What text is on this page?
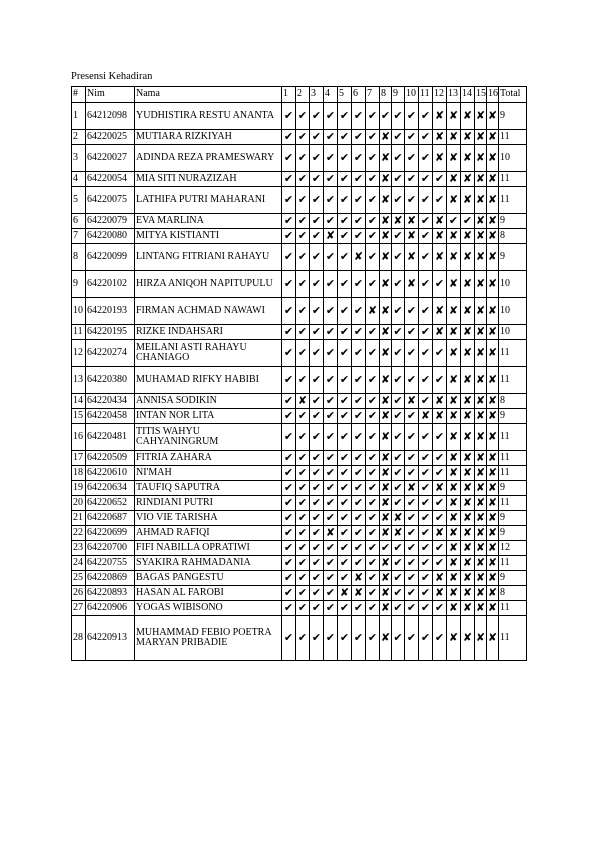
Presensi Kehadiran
#	Nim	Nama	1	2	3	4	5	6	7	8	9	10	11	12	13	14	15	16	Total
1	64212098	YUDHISTIRA RESTU ANANTA	✔	✔	✔	✔	✔	✔	✔	✔	✔	✔	✔	✘	✘	✘	✘	✘	9
2	64220025	MUTIARA RIZKIYAH	✔	✔	✔	✔	✔	✔	✔	✘	✔	✔	✔	✘	✘	✘	✘	✘	11
3	64220027	ADINDA REZA PRAMESWARY	✔	✔	✔	✔	✔	✔	✔	✘	✔	✔	✔	✘	✘	✘	✘	✘	10
4	64220054	MIA SITI NURAZIZAH	✔	✔	✔	✔	✔	✔	✔	✘	✔	✔	✔	✔	✘	✘	✘	✘	11
5	64220075	LATHIFA PUTRI MAHARANI	✔	✔	✔	✔	✔	✔	✔	✘	✔	✔	✔	✔	✘	✘	✘	✘	11
6	64220079	EVA MARLINA	✔	✔	✔	✔	✔	✔	✔	✘	✘	✘	✔	✘	✔	✔	✘	✘	9
7	64220080	MITYA KISTIANTI	✔	✔	✔	✘	✔	✔	✔	✘	✔	✘	✔	✘	✘	✘	✘	✘	8
8	64220099	LINTANG FITRIANI RAHAYU	✔	✔	✔	✔	✔	✘	✔	✘	✔	✘	✔	✘	✘	✘	✘	✘	9
9	64220102	HIRZA ANIQOH NAPITUPULU	✔	✔	✔	✔	✔	✔	✔	✘	✔	✘	✔	✔	✘	✘	✘	✘	10
10	64220193	FIRMAN ACHMAD NAWAWI	✔	✔	✔	✔	✔	✔	✘	✘	✔	✔	✔	✘	✘	✘	✘	✘	10
11	64220195	RIZKE INDAHSARI	✔	✔	✔	✔	✔	✔	✔	✘	✔	✔	✔	✘	✘	✘	✘	✘	10
12	64220274	MEILANI ASTI RAHAYU CHANIAGO	✔	✔	✔	✔	✔	✔	✔	✘	✔	✔	✔	✔	✘	✘	✘	✘	11
13	64220380	MUHAMAD RIFKY HABIBI	✔	✔	✔	✔	✔	✔	✔	✘	✔	✔	✔	✔	✘	✘	✘	✘	11
14	64220434	ANNISA SODIKIN	✔	✘	✔	✔	✔	✔	✔	✘	✔	✘	✔	✘	✘	✘	✘	✘	8
15	64220458	INTAN NOR LITA	✔	✔	✔	✔	✔	✔	✔	✘	✔	✔	✘	✘	✘	✘	✘	✘	9
16	64220481	TITIS WAHYU CAHYANINGRUM	✔	✔	✔	✔	✔	✔	✔	✘	✔	✔	✔	✔	✘	✘	✘	✘	11
17	64220509	FITRIA ZAHARA	✔	✔	✔	✔	✔	✔	✔	✘	✔	✔	✔	✔	✘	✘	✘	✘	11
18	64220610	NI'MAH	✔	✔	✔	✔	✔	✔	✔	✘	✔	✔	✔	✔	✘	✘	✘	✘	11
19	64220634	TAUFIQ SAPUTRA	✔	✔	✔	✔	✔	✔	✔	✘	✔	✘	✔	✘	✘	✘	✘	✘	9
20	64220652	RINDIANI PUTRI	✔	✔	✔	✔	✔	✔	✔	✘	✔	✔	✔	✔	✘	✘	✘	✘	11
21	64220687	VIO VIE TARISHA	✔	✔	✔	✔	✔	✔	✔	✘	✘	✔	✔	✔	✘	✘	✘	✘	9
22	64220699	AHMAD RAFIQI	✔	✔	✔	✘	✔	✔	✔	✘	✘	✔	✔	✘	✘	✘	✘	✘	9
23	64220700	FIFI NABILLA OPRATIWI	✔	✔	✔	✔	✔	✔	✔	✔	✔	✔	✔	✔	✘	✘	✘	✘	12
24	64220755	SYAKIRA RAHMADANIA	✔	✔	✔	✔	✔	✔	✔	✘	✔	✔	✔	✔	✘	✘	✘	✘	11
25	64220869	BAGAS PANGESTU	✔	✔	✔	✔	✔	✘	✔	✘	✔	✔	✔	✘	✘	✘	✘	✘	9
26	64220893	HASAN AL FAROBI	✔	✔	✔	✔	✘	✘	✔	✘	✔	✔	✔	✘	✘	✘	✘	✘	8
27	64220906	YOGAS WIBISONO	✔	✔	✔	✔	✔	✔	✔	✘	✔	✔	✔	✔	✘	✘	✘	✘	11
28	64220913	MUHAMMAD FEBIO POETRA MARYAN PRIBADIE	✔	✔	✔	✔	✔	✔	✔	✘	✔	✔	✔	✔	✘	✘	✘	✘	11
